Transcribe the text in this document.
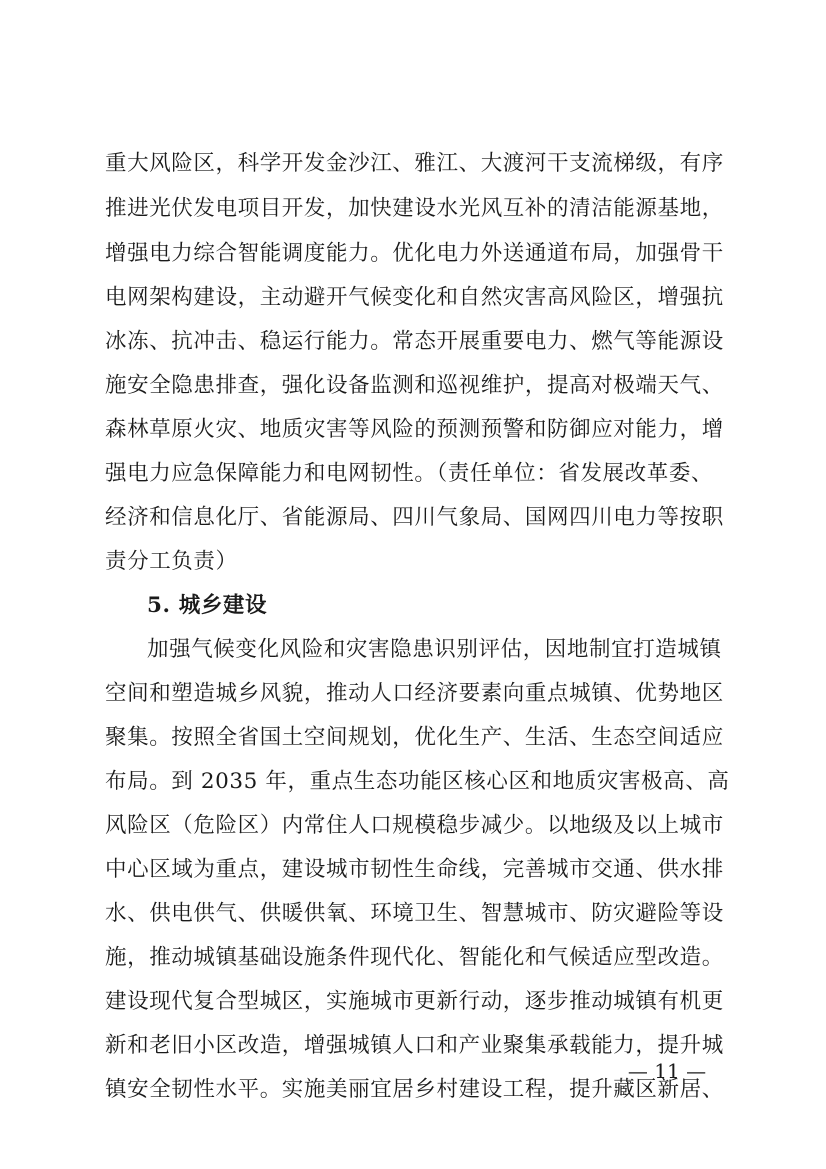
重大风险区，科学开发金沙江、雅江、大渡河干支流梯级，有序
推进光伏发电项目开发，加快建设水光风互补的清洁能源基地，
增强电力综合智能调度能力。优化电力外送通道布局，加强骨干
电网架构建设，主动避开气候变化和自然灾害高风险区，增强抗
冰冻、抗冲击、稳运行能力。常态开展重要电力、燃气等能源设
施安全隐患排查，强化设备监测和巡视维护，提高对极端天气、
森林草原火灾、地质灾害等风险的预测预警和防御应对能力，增
强电力应急保障能力和电网韧性。（责任单位：省发展改革委、
经济和信息化厅、省能源局、四川气象局、国网四川电力等按职
责分工负责）
5. 城乡建设
加强气候变化风险和灾害隐患识别评估，因地制宜打造城镇
空间和塑造城乡风貌，推动人口经济要素向重点城镇、优势地区
聚集。按照全省国土空间规划，优化生产、生活、生态空间适应
布局。到 2035 年，重点生态功能区核心区和地质灾害极高、高
风险区（危险区）内常住人口规模稳步减少。以地级及以上城市
中心区域为重点，建设城市韧性生命线，完善城市交通、供水排
水、供电供气、供暖供氧、环境卫生、智慧城市、防灾避险等设
施，推动城镇基础设施条件现代化、智能化和气候适应型改造。
建设现代复合型城区，实施城市更新行动，逐步推动城镇有机更
新和老旧小区改造，增强城镇人口和产业聚集承载能力，提升城
镇安全韧性水平。实施美丽宜居乡村建设工程，提升藏区新居、
— 11 —
